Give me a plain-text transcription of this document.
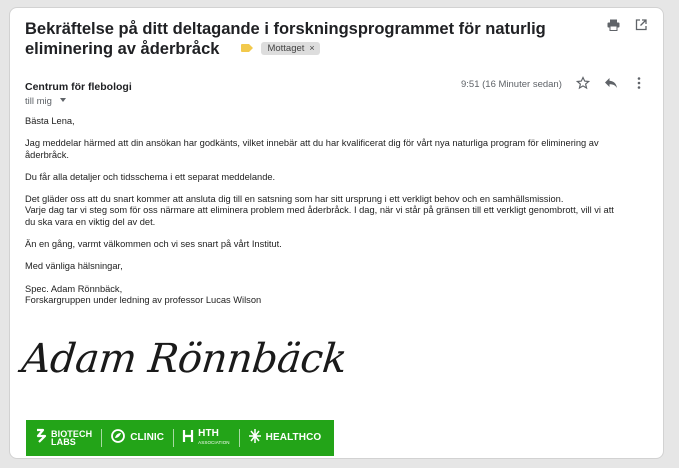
Bekräftelse på ditt deltagande i forskningsprogrammet för naturlig eliminering av åderbråck	Mottaget ×
Centrum för flebologi
till mig
9:51 (16 Minuter sedan)

Bästa Lena,

Jag meddelar härmed att din ansökan har godkänts, vilket innebär att du har kvalificerat dig för vårt nya naturliga program för eliminering av åderbråck.

Du får alla detaljer och tidsschema i ett separat meddelande.

Det gläder oss att du snart kommer att ansluta dig till en satsning som har sitt ursprung i ett verkligt behov och en samhällsmission.
Varje dag tar vi steg som för oss närmare att eliminera problem med åderbråck. I dag, när vi står på gränsen till ett verkligt genombrott, vill vi att du ska vara en viktig del av det.

Än en gång, varmt välkommen och vi ses snart på vårt Institut.

Med vänliga hälsningar,

Spec. Adam Rönnbäck,
Forskargruppen under ledning av professor Lucas Wilson

Adam Rönnbäck
BIOTECH
LABS	CLINIC	HTH
ASSOCIATION	HEALTHCO
